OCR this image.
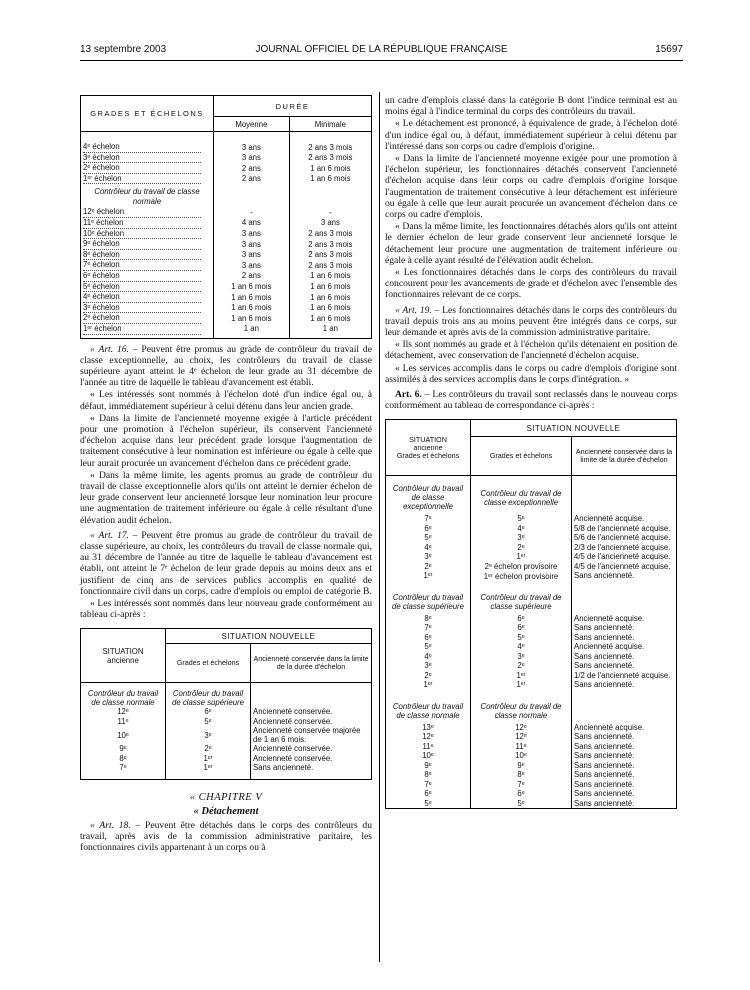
13 septembre 2003	JOURNAL OFFICIEL DE LA RÉPUBLIQUE FRANÇAISE	15697
GRADES ET ÉCHELONS	DURÉE	
	Moyenne	Minimale

4ᵉ échelon	3 ans	2 ans 3 mois
3ᵉ échelon	3 ans	2 ans 3 mois
2ᵉ échelon	2 ans	1 an 6 mois
1ᵉʳ échelon	2 ans	1 an 6 mois
Contrôleur du travail de classe normale		
12ᵉ échelon	-	-
11ᵉ échelon	4 ans	3 ans
10ᵉ échelon	3 ans	2 ans 3 mois
9ᵉ échelon	3 ans	2 ans 3 mois
8ᵉ échelon	3 ans	2 ans 3 mois
7ᵉ échelon	3 ans	2 ans 3 mois
6ᵉ échelon	2 ans	1 an 6 mois
5ᵉ échelon	1 an 6 mois	1 an 6 mois
4ᵉ échelon	1 an 6 mois	1 an 6 mois
3ᵉ échelon	1 an 6 mois	1 an 6 mois
2ᵉ échelon	1 an 6 mois	1 an 6 mois
1ᵉʳ échelon	1 an	1 an

« Art. 16. – Peuvent être promus au grade de contrôleur du travail de classe exceptionnelle, au choix, les contrôleurs du travail de classe supérieure ayant atteint le 4ᵉ échelon de leur grade au 31 décembre de l'année au titre de laquelle le tableau d'avancement est établi.

« Les intéressés sont nommés à l'échelon doté d'un indice égal ou, à défaut, immédiatement supérieur à celui détenu dans leur ancien grade.

« Dans la limite de l'ancienneté moyenne exigée à l'article précédent pour une promotion à l'échelon supérieur, ils conservent l'ancienneté d'échelon acquise dans leur précédent grade lorsque l'augmentation de traitement consécutive à leur nomination est inférieure ou égale à celle que leur aurait procurée un avancement d'échelon dans ce précédent grade.

« Dans la même limite, les agents promus au grade de contrôleur du travail de classe exceptionnelle alors qu'ils ont atteint le dernier échelon de leur grade conservent leur ancienneté lorsque leur nomination leur procure une augmentation de traitement inférieure ou égale à celle résultant d'une élévation audit échelon.

« Art. 17. – Peuvent être promus au grade de contrôleur du travail de classe supérieure, au choix, les contrôleurs du travail de classe normale qui, au 31 décembre de l'année au titre de laquelle le tableau d'avancement est établi, ont atteint le 7ᵉ échelon de leur grade depuis au moins deux ans et justifient de cinq ans de services publics accomplis en qualité de fonctionnaire civil dans un corps, cadre d'emplois ou emploi de catégorie B.

« Les intéressés sont nommés dans leur nouveau grade conformément au tableau ci-après :

SITUATION
ancienne	SITUATION NOUVELLE	
	Grades et échelons	Ancienneté conservée dans la limite de la durée d'échelon
Contrôleur du travail de classe normale	Contrôleur du travail de classe supérieure	
12ᵉ	6ᵉ	Ancienneté conservée.
11ᵉ	5ᵉ	Ancienneté conservée.
10ᵉ	3ᵉ	Ancienneté conservée majorée de 1 an 6 mois.
9ᵉ	2ᵉ	Ancienneté conservée.
8ᵉ	1ᵉʳ	Ancienneté conservée.
7ᵉ	1ᵉʳ	Sans ancienneté.

« CHAPITRE V
« Détachement

« Art. 18. – Peuvent être détachés dans le corps des contrôleurs du travail, après avis de la commission administrative paritaire, les fonctionnaires civils appartenant à un corps ou à

un cadre d'emplois classé dans la catégorie B dont l'indice terminal est au moins égal à l'indice terminal du corps des contrôleurs du travail.

« Le détachement est prononcé, à équivalence de grade, à l'échelon doté d'un indice égal ou, à défaut, immédiatement supérieur à celui détenu par l'intéressé dans son corps ou cadre d'emplois d'origine.

« Dans la limite de l'ancienneté moyenne exigée pour une promotion à l'échelon supérieur, les fonctionnaires détachés conservent l'ancienneté d'échelon acquise dans leur corps ou cadre d'emplois d'origine lorsque l'augmentation de traitement consécutive à leur détachement est inférieure ou égale à celle que leur aurait procurée un avancement d'échelon dans ce corps ou cadre d'emplois.

« Dans la même limite, les fonctionnaires détachés alors qu'ils ont atteint le dernier échelon de leur grade conservent leur ancienneté lorsque le détachement leur procure une augmentation de traitement inférieure ou égale à celle ayant résulté de l'élévation audit échelon.

« Les fonctionnaires détachés dans le corps des contrôleurs du travail concourent pour les avancements de grade et d'échelon avec l'ensemble des fonctionnaires relevant de ce corps.

« Art. 19. – Les fonctionnaires détachés dans le corps des contrôleurs du travail depuis trois ans au moins peuvent être intégrés dans ce corps, sur leur demande et après avis de la commission administrative paritaire.

« Ils sont nommés au grade et à l'échelon qu'ils détenaient en position de détachement, avec conservation de l'ancienneté d'échelon acquise.

« Les services accomplis dans le corps ou cadre d'emplois d'origine sont assimilés à des services accomplis dans le corps d'intégration. »

Art. 6. – Les contrôleurs du travail sont reclassés dans le nouveau corps conformément au tableau de correspondance ci-après :

SITUATION
ancienne
Grades et échelons	SITUATION NOUVELLE	
	Grades et échelons	Ancienneté conservée dans la limite de la durée d'échelon
Contrôleur du travail de classe exceptionnelle	Contrôleur du travail de classe exceptionnelle	
7ᵉ	5ᵉ	Ancienneté acquise.
6ᵉ	4ᵉ	5/8 de l'ancienneté acquise.
5ᵉ	3ᵉ	5/6 de l'ancienneté acquise.
4ᵉ	2ᵉ	2/3 de l'ancienneté acquise.
3ᵉ	1ᵉʳ	4/5 de l'ancienneté acquise.
2ᵉ	2ᵉ échelon provisoire	4/5 de l'ancienneté acquise.
1ᵉʳ	1ᵉʳ échelon provisoire	Sans ancienneté.
Contrôleur du travail de classe supérieure	Contrôleur du travail de classe supérieure	
8ᵉ	6ᵉ	Ancienneté acquise.
7ᵉ	6ᵉ	Sans ancienneté.
6ᵉ	5ᵉ	Sans ancienneté.
5ᵉ	4ᵉ	Ancienneté acquise.
4ᵉ	3ᵉ	Sans ancienneté.
3ᵉ	2ᵉ	Sans ancienneté.
2ᵉ	1ᵉʳ	1/2 de l'ancienneté acquise.
1ᵉʳ	1ᵉʳ	Sans ancienneté.
Contrôleur du travail de classe normale	Contrôleur du travail de classe normale	
13ᵉ	12ᵉ	Ancienneté acquise.
12ᵉ	12ᵉ	Sans ancienneté.
11ᵉ	11ᵉ	Sans ancienneté.
10ᵉ	10ᵉ	Sans ancienneté.
9ᵉ	9ᵉ	Sans ancienneté.
8ᵉ	8ᵉ	Sans ancienneté.
7ᵉ	7ᵉ	Sans ancienneté.
6ᵉ	6ᵉ	Sans ancienneté.
5ᵉ	5ᵉ	Sans ancienneté.
